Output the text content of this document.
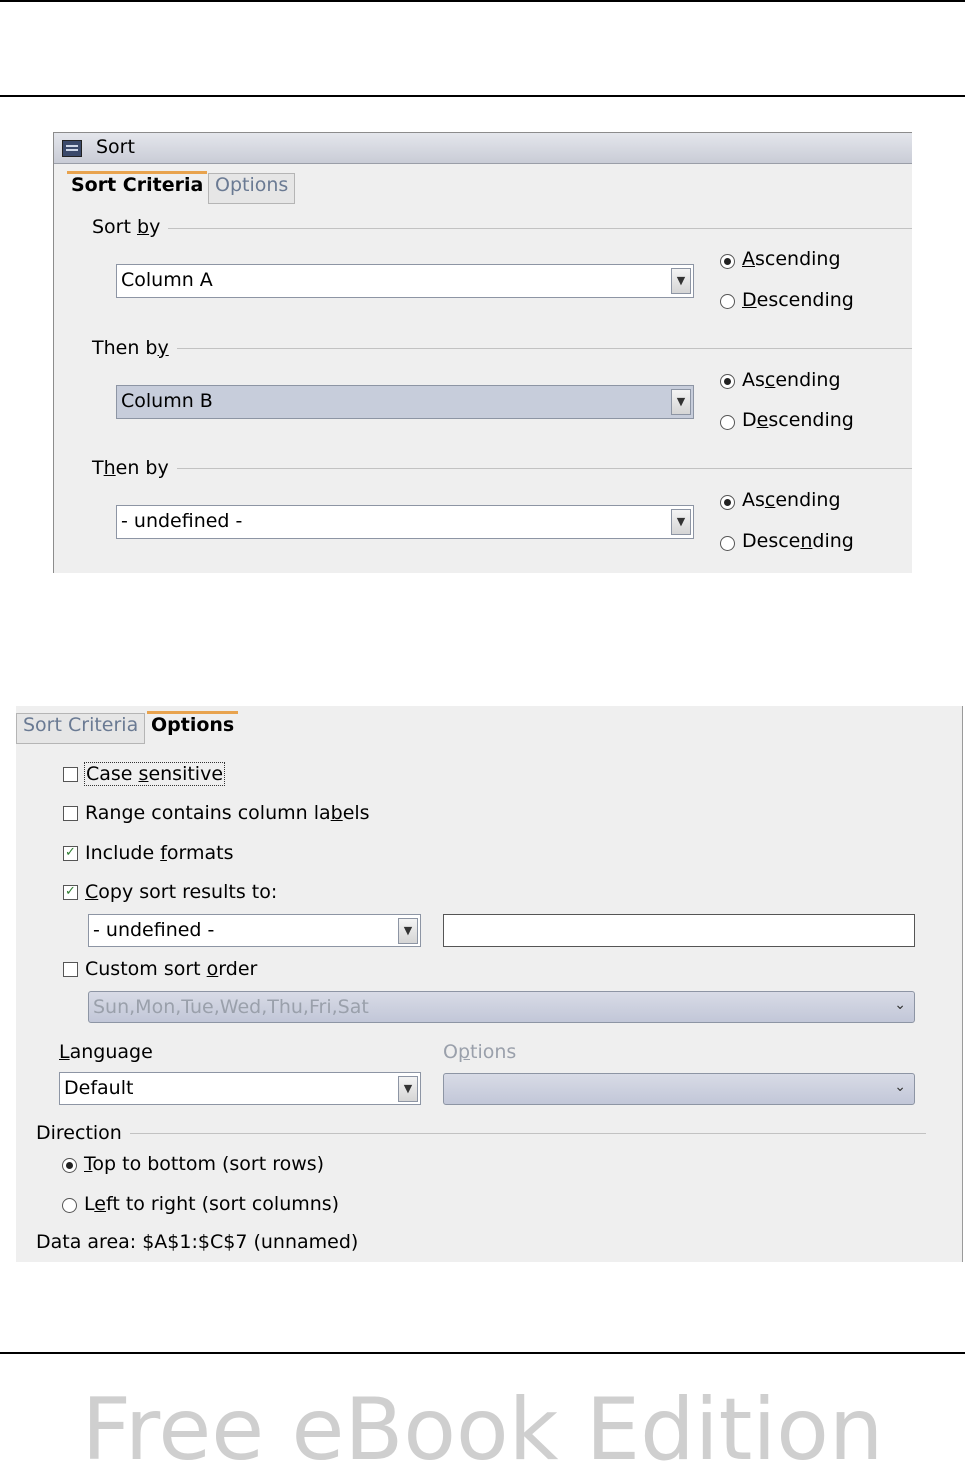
Sort
Sort Criteria Options
Sort by
Column A	▼
Ascending
Descending
Then by
Column B	▼
Ascending
Descending
Then by
- undefined -	▼
Ascending
Descending
Sort Criteria Options
Case sensitive
Range contains column labels
✓ Include formats
✓ Copy sort results to:
- undefined -	▼
Custom sort order
Sun,Mon,Tue,Wed,Thu,Fri,Sat	⌄
Language	Options
Default	▼	⌄
Direction
Top to bottom (sort rows)
Left to right (sort columns)
Data area: $A$1:$C$7 (unnamed)
Free eBook Edition
